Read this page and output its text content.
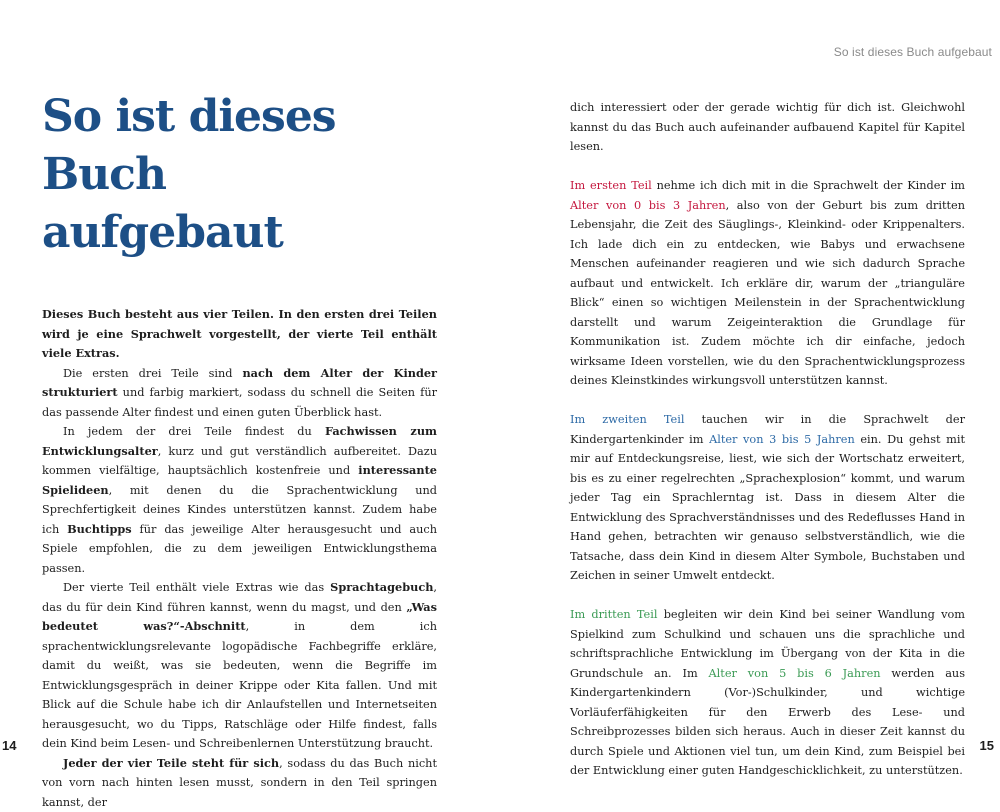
So ist dieses Buch
aufgebaut

Dieses Buch besteht aus vier Teilen. In den ersten drei Teilen wird je eine Sprachwelt vorgestellt, der vierte Teil enthält viele Extras.

Die ersten drei Teile sind nach dem Alter der Kinder strukturiert und farbig markiert, sodass du schnell die Seiten für das passende Alter findest und einen guten Überblick hast.

In jedem der drei Teile findest du Fachwissen zum Entwicklungsalter, kurz und gut verständlich aufbereitet. Dazu kommen vielfältige, hauptsächlich kostenfreie und interessante Spielideen, mit denen du die Sprachentwicklung und Sprechfertigkeit deines Kindes unterstützen kannst. Zudem habe ich Buchtipps für das jeweilige Alter herausgesucht und auch Spiele empfohlen, die zu dem jeweiligen Entwicklungsthema passen.

Der vierte Teil enthält viele Extras wie das Sprachtagebuch, das du für dein Kind führen kannst, wenn du magst, und den „Was bedeutet was?“-Abschnitt, in dem ich sprachentwicklungsrelevante logopädische Fachbegriffe erkläre, damit du weißt, was sie bedeuten, wenn die Begriffe im Entwicklungsgespräch in deiner Krippe oder Kita fallen. Und mit Blick auf die Schule habe ich dir Anlaufstellen und Internetseiten herausgesucht, wo du Tipps, Ratschläge oder Hilfe findest, falls dein Kind beim Lesen- und Schreibenlernen Unterstützung braucht.

Jeder der vier Teile steht für sich, sodass du das Buch nicht von vorn nach hinten lesen musst, sondern in den Teil springen kannst, der

14
So ist dieses Buch aufgebaut

dich interessiert oder der gerade wichtig für dich ist. Gleichwohl kannst du das Buch auch aufeinander aufbauend Kapitel für Kapitel lesen.

Im ersten Teil nehme ich dich mit in die Sprachwelt der Kinder im Alter von 0 bis 3 Jahren, also von der Geburt bis zum dritten Lebensjahr, die Zeit des Säuglings-, Kleinkind- oder Krippenalters. Ich lade dich ein zu entdecken, wie Babys und erwachsene Menschen aufeinander reagieren und wie sich dadurch Sprache aufbaut und entwickelt. Ich erkläre dir, warum der „trianguläre Blick“ einen so wichtigen Meilenstein in der Sprachentwicklung darstellt und warum Zeigeinteraktion die Grundlage für Kommunikation ist. Zudem möchte ich dir einfache, jedoch wirksame Ideen vorstellen, wie du den Sprachentwicklungsprozess deines Kleinstkindes wirkungsvoll unterstützen kannst.

Im zweiten Teil tauchen wir in die Sprachwelt der Kindergartenkinder im Alter von 3 bis 5 Jahren ein. Du gehst mit mir auf Entdeckungsreise, liest, wie sich der Wortschatz erweitert, bis es zu einer regelrechten „Sprachexplosion“ kommt, und warum jeder Tag ein Sprachlerntag ist. Dass in diesem Alter die Entwicklung des Sprachverständnisses und des Redeflusses Hand in Hand gehen, betrachten wir genauso selbstverständlich, wie die Tatsache, dass dein Kind in diesem Alter Symbole, Buchstaben und Zeichen in seiner Umwelt entdeckt.

Im dritten Teil begleiten wir dein Kind bei seiner Wandlung vom Spielkind zum Schulkind und schauen uns die sprachliche und schriftsprachliche Entwicklung im Übergang von der Kita in die Grundschule an. Im Alter von 5 bis 6 Jahren werden aus Kindergartenkindern (Vor-)Schulkinder, und wichtige Vorläuferfähigkeiten für den Erwerb des Lese- und Schreibprozesses bilden sich heraus. Auch in dieser Zeit kannst du durch Spiele und Aktionen viel tun, um dein Kind, zum Beispiel bei der Entwicklung einer guten Handgeschicklichkeit, zu unterstützen.

15
